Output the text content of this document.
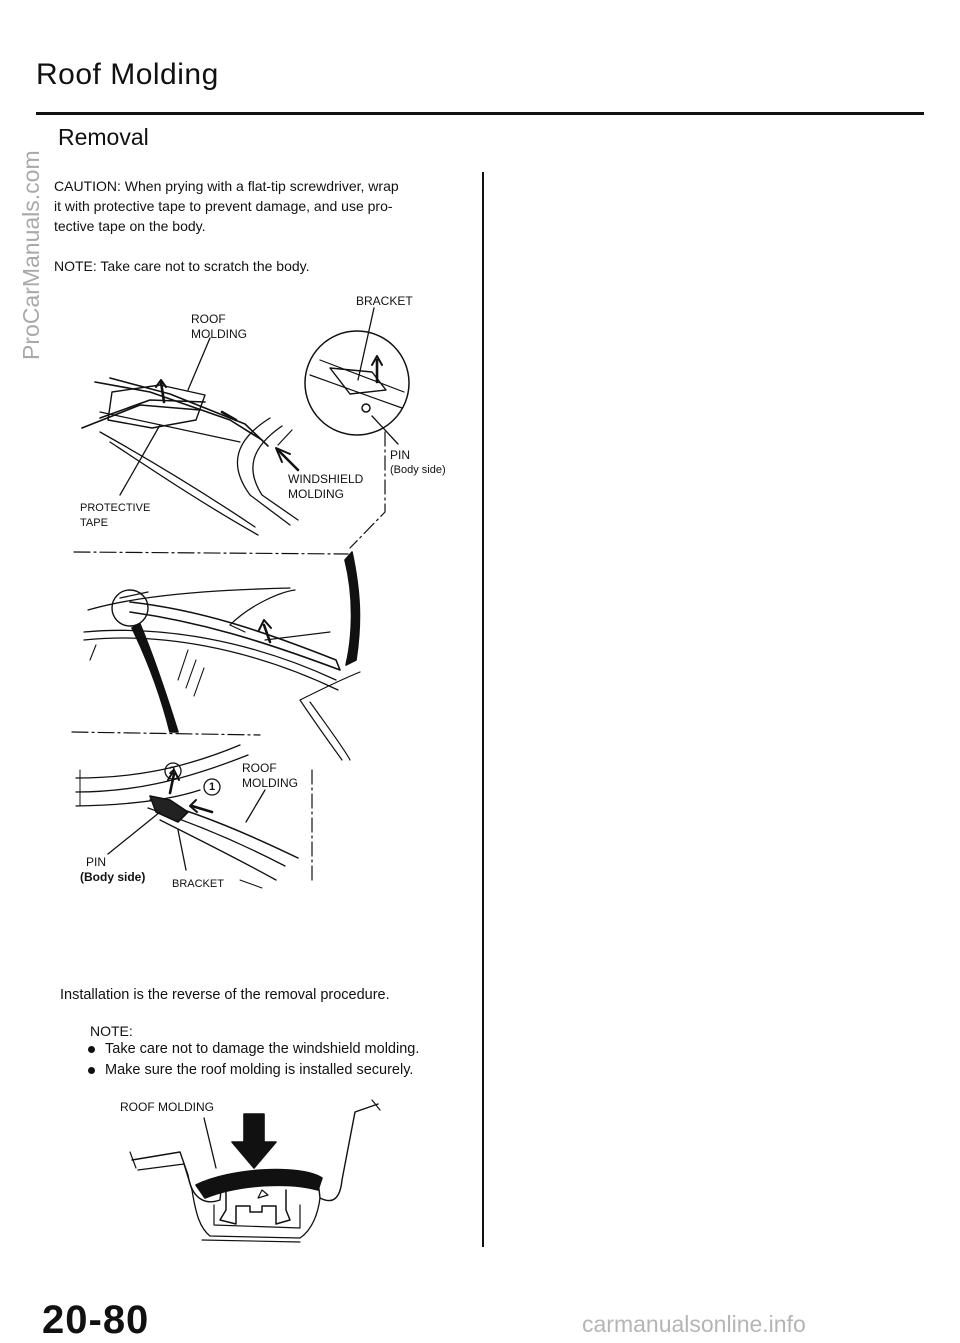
Roof Molding
Removal
CAUTION: When prying with a flat-tip screwdriver, wrap
it with protective tape to prevent damage, and use pro-
tective tape on the body.
NOTE: Take care not to scratch the body.
BRACKET
ROOF
MOLDING
PIN
(Body side)
WINDSHIELD
MOLDING
PROTECTIVE
TAPE
2
1
ROOF
MOLDING
PIN
(Body side) BRACKET
Installation is the reverse of the removal procedure.
NOTE:
Take care not to damage the windshield molding.
Make sure the roof molding is installed securely.
ROOF MOLDING
ProCarManuals.com
20-80	carmanualsonline.info
